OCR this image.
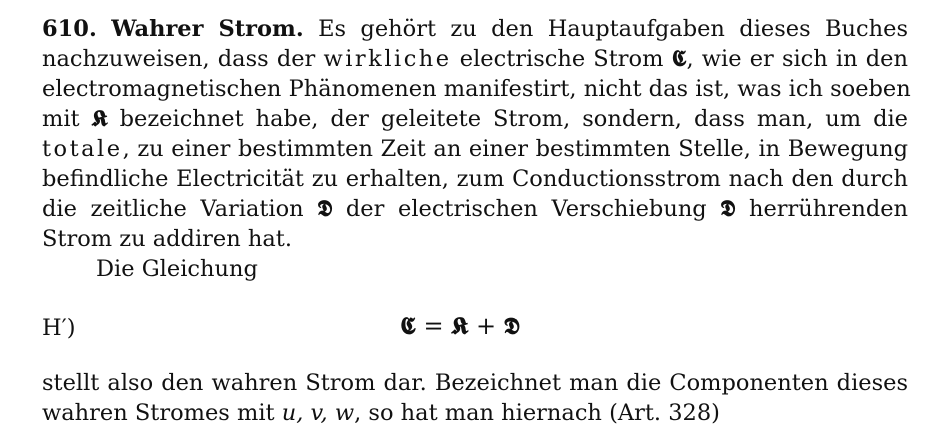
610. Wahrer Strom. Es gehört zu den Hauptaufgaben dieses Buches
nachzuweisen, dass der wirkliche electrische Strom 𝕮, wie er sich in den
electromagnetischen Phänomenen manifestirt, nicht das ist, was ich soeben
mit 𝕶 bezeichnet habe, der geleitete Strom, sondern, dass man, um die
totale, zu einer bestimmten Zeit an einer bestimmten Stelle, in Bewegung
befindliche Electricität zu erhalten, zum Conductionsstrom nach den durch
die zeitliche Variation 𝕯̇ der electrischen Verschiebung 𝕯 herrührenden
Strom zu addiren hat.
Die Gleichung
H′)	𝕮 = 𝕶 + 𝕯̇
stellt also den wahren Strom dar. Bezeichnet man die Componenten dieses
wahren Stromes mit u, v, w, so hat man hiernach (Art. 328)
